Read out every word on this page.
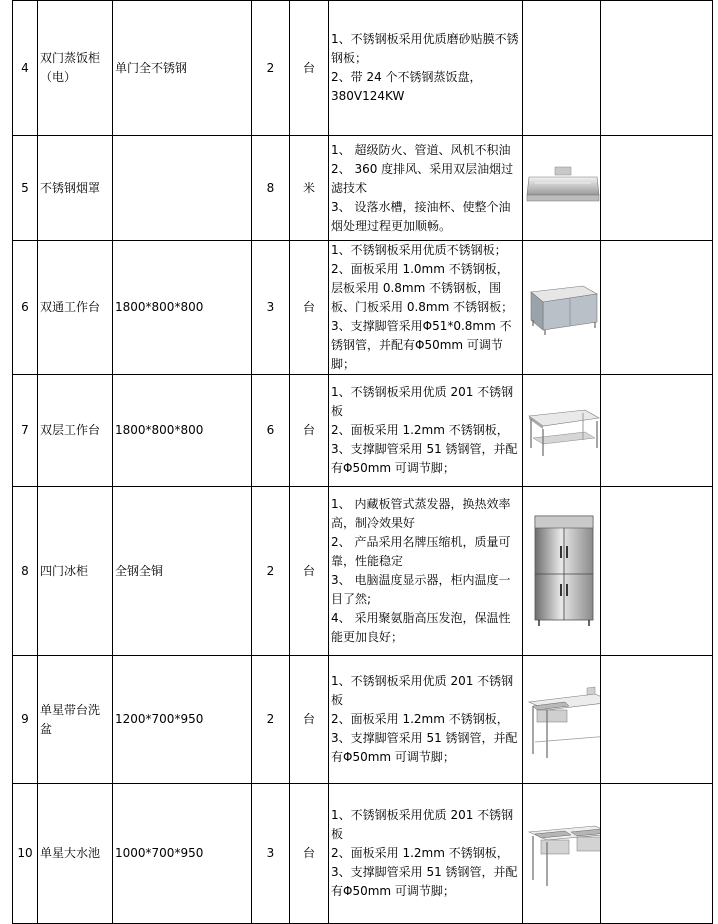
4	双门蒸饭柜（电）	单门全不锈钢	2	台	1、不锈钢板采用优质磨砂贴膜不锈钢板；
2、带 24 个不锈钢蒸饭盘，380V124KW		

5	不锈钢烟罩		8	米	1、 超级防火、管道、风机不积油
2、 360 度排风、采用双层油烟过滤技术
3、 设落水槽，接油杯、使整个油烟处理过程更加顺畅。

6	双通工作台	1800*800*800	3	台	1、不锈钢板采用优质不锈钢板；
2、面板采用 1.0mm 不锈钢板，层板采用 0.8mm 不锈钢板，围板、门板采用 0.8mm 不锈钢板；
3、支撑脚管采用Φ51*0.8mm 不锈钢管，并配有Φ50mm 可调节脚；

7	双层工作台	1800*800*800	6	台	1、不锈钢板采用优质 201 不锈钢板
2、面板采用 1.2mm 不锈钢板，
3、支撑脚管采用 51 锈钢管，并配有Φ50mm 可调节脚；

8	四门冰柜	全钢全铜	2	台	1、 内藏板管式蒸发器，换热效率高，制冷效果好
2、 产品采用名牌压缩机，质量可靠，性能稳定
3、 电脑温度显示器，柜内温度一目了然;
4、 采用聚氨脂高压发泡，保温性能更加良好；

9	单星带台洗盆	1200*700*950	2	台	1、不锈钢板采用优质 201 不锈钢板
2、面板采用 1.2mm 不锈钢板，
3、支撑脚管采用 51 锈钢管，并配有Φ50mm 可调节脚；

10	单星大水池	1000*700*950	3	台	1、不锈钢板采用优质 201 不锈钢板
2、面板采用 1.2mm 不锈钢板，
3、支撑脚管采用 51 锈钢管，并配有Φ50mm 可调节脚；
